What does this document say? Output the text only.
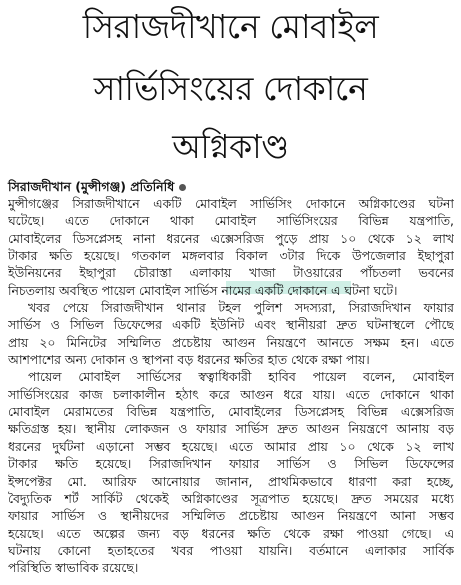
সিরাজদীখানে মোবাইল
সার্ভিসিংয়ের দোকানে
অগ্নিকাণ্ড
সিরাজদীখান (মুন্সীগঞ্জ) প্রতিনিধি
মুন্সীগঞ্জের সিরাজদীখানে একটি মোবাইল সার্ভিসিং দোকানে অগ্নিকাণ্ডের ঘটনা
ঘটেছে। এতে দোকানে থাকা মোবাইল সার্ভিসিংয়ের বিভিন্ন যন্ত্রপাতি,
মোবাইলের ডিসপ্লেসহ নানা ধরনের এক্সেসরিজ পুড়ে প্রায় ১০ থেকে ১২ লাখ
টাকার ক্ষতি হয়েছে। গতকাল মঙ্গলবার বিকাল ৩টার দিকে উপজেলার ইছাপুরা
ইউনিয়নের ইছাপুরা চৌরাস্তা এলাকায় খাজা টাওয়ারের পাঁচতলা ভবনের
নিচতলায় অবস্থিত পায়েল মোবাইল সার্ভিস নামের একটি দোকানে এ ঘটনা ঘটে।
খবর পেয়ে সিরাজদীখান থানার টহল পুলিশ সদস্যরা, সিরাজদিখান ফায়ার
সার্ভিস ও সিভিল ডিফেন্সের একটি ইউনিট এবং স্থানীয়রা দ্রুত ঘটনাস্থলে পৌছে
প্রায় ২০ মিনিটের সম্মিলিত প্রচেষ্টায় আগুন নিয়ন্ত্রণে আনতে সক্ষম হন। এতে
আশপাশের অন্য দোকান ও স্থাপনা বড় ধরনের ক্ষতির হাত থেকে রক্ষা পায়।
পায়েল মোবাইল সার্ভিসের স্বত্বাধিকারী হাবিব পায়েল বলেন, মোবাইল
সার্ভিসিংয়ের কাজ চলাকালীন হঠাৎ করে আগুন ধরে যায়। এতে দোকানে থাকা
মোবাইল মেরামতের বিভিন্ন যন্ত্রপাতি, মোবাইলের ডিসপ্লেসহ বিভিন্ন এক্সেসরিজ
ক্ষতিগ্রস্ত হয়। স্থানীয় লোকজন ও ফায়ার সার্ভিস দ্রুত আগুন নিয়ন্ত্রণে আনায় বড়
ধরনের দুর্ঘটনা এড়ানো সম্ভব হয়েছে। এতে আমার প্রায় ১০ থেকে ১২ লাখ
টাকার ক্ষতি হয়েছে। সিরাজদিখান ফায়ার সার্ভিস ও সিভিল ডিফেন্সের
ইন্সপেক্টর মো. আরিফ আনোয়ার জানান, প্রাথমিকভাবে ধারণা করা হচ্ছে,
বৈদ্যুতিক শর্ট সার্কিট থেকেই অগ্নিকাণ্ডের সূত্রপাত হয়েছে। দ্রুত সময়ের মধ্যে
ফায়ার সার্ভিস ও স্থানীয়দের সম্মিলিত প্রচেষ্টায় আগুন নিয়ন্ত্রণে আনা সম্ভব
হয়েছে। এতে অল্পের জন্য বড় ধরনের ক্ষতি থেকে রক্ষা পাওয়া গেছে। এ
ঘটনায় কোনো হতাহতের খবর পাওয়া যায়নি। বর্তমানে এলাকার সার্বিক
পরিস্থিতি স্বাভাবিক রয়েছে।
